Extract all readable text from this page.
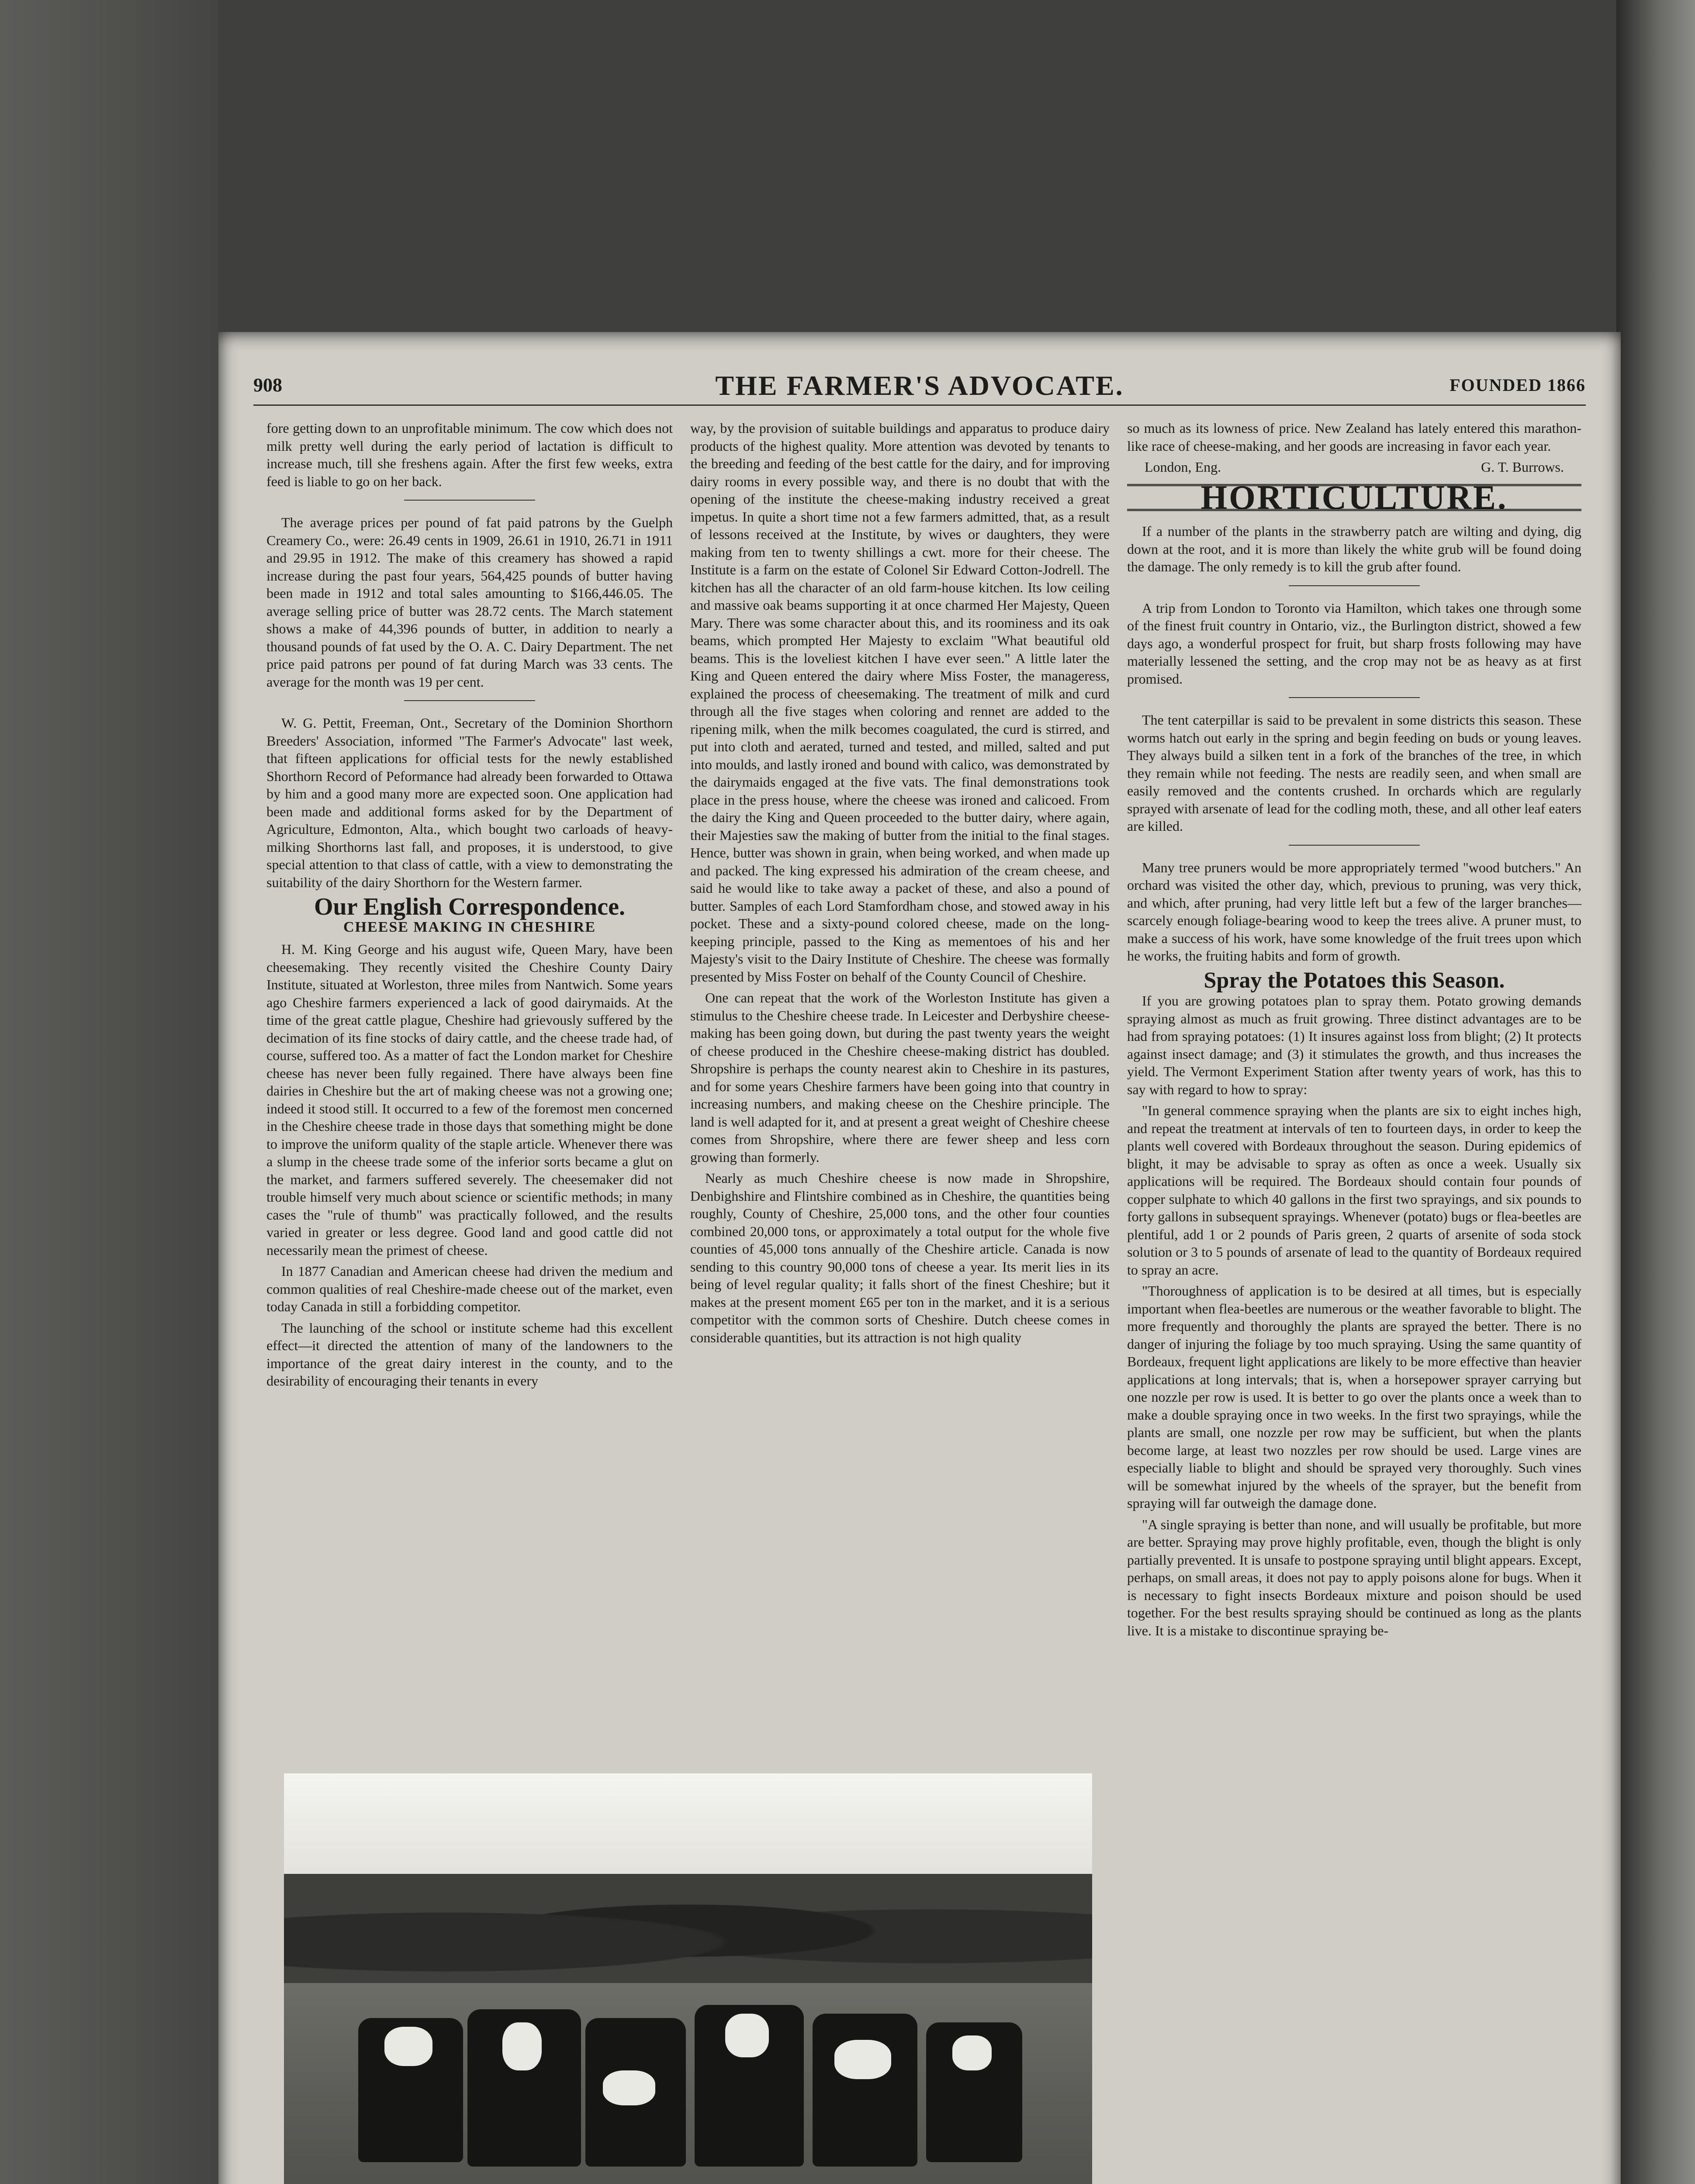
908	THE FARMER'S ADVOCATE.	FOUNDED 1866

fore getting down to an unprofitable minimum. The cow which does not milk pretty well during the early period of lactation is difficult to increase much, till she freshens again. After the first few weeks, extra feed is liable to go on her back.

The average prices per pound of fat paid patrons by the Guelph Creamery Co., were: 26.49 cents in 1909, 26.61 in 1910, 26.71 in 1911 and 29.95 in 1912. The make of this creamery has showed a rapid increase during the past four years, 564,425 pounds of butter having been made in 1912 and total sales amounting to $166,446.05. The average selling price of butter was 28.72 cents. The March statement shows a make of 44,396 pounds of butter, in addition to nearly a thousand pounds of fat used by the O. A. C. Dairy Department. The net price paid patrons per pound of fat during March was 33 cents. The average for the month was 19 per cent.

W. G. Pettit, Freeman, Ont., Secretary of the Dominion Shorthorn Breeders' Association, informed "The Farmer's Advocate" last week, that fifteen applications for official tests for the newly established Shorthorn Record of Peformance had already been forwarded to Ottawa by him and a good many more are expected soon. One application had been made and additional forms asked for by the Department of Agriculture, Edmonton, Alta., which bought two carloads of heavy-milking Shorthorns last fall, and proposes, it is understood, to give special attention to that class of cattle, with a view to demonstrating the suitability of the dairy Shorthorn for the Western farmer.

Our English Correspondence.
CHEESE MAKING IN CHESHIRE

H. M. King George and his august wife, Queen Mary, have been cheesemaking. They recently visited the Cheshire County Dairy Institute, situated at Worleston, three miles from Nantwich. Some years ago Cheshire farmers experienced a lack of good dairymaids. At the time of the great cattle plague, Cheshire had grievously suffered by the decimation of its fine stocks of dairy cattle, and the cheese trade had, of course, suffered too. As a matter of fact the London market for Cheshire cheese has never been fully regained. There have always been fine dairies in Cheshire but the art of making cheese was not a growing one; indeed it stood still. It occurred to a few of the foremost men concerned in the Cheshire cheese trade in those days that something might be done to improve the uniform quality of the staple article. Whenever there was a slump in the cheese trade some of the inferior sorts became a glut on the market, and farmers suffered severely. The cheesemaker did not trouble himself very much about science or scientific methods; in many cases the "rule of thumb" was practically followed, and the results varied in greater or less degree. Good land and good cattle did not necessarily mean the primest of cheese.

In 1877 Canadian and American cheese had driven the medium and common qualities of real Cheshire-made cheese out of the market, even today Canada in still a forbidding competitor.

The launching of the school or institute scheme had this excellent effect—it directed the attention of many of the landowners to the importance of the great dairy interest in the county, and to the desirability of encouraging their tenants in every

way, by the provision of suitable buildings and apparatus to produce dairy products of the highest quality. More attention was devoted by tenants to the breeding and feeding of the best cattle for the dairy, and for improving dairy rooms in every possible way, and there is no doubt that with the opening of the institute the cheese-making industry received a great impetus. In quite a short time not a few farmers admitted, that, as a result of lessons received at the Institute, by wives or daughters, they were making from ten to twenty shillings a cwt. more for their cheese. The Institute is a farm on the estate of Colonel Sir Edward Cotton-Jodrell. The kitchen has all the character of an old farm-house kitchen. Its low ceiling and massive oak beams supporting it at once charmed Her Majesty, Queen Mary. There was some character about this, and its roominess and its oak beams, which prompted Her Majesty to exclaim "What beautiful old beams. This is the loveliest kitchen I have ever seen." A little later the King and Queen entered the dairy where Miss Foster, the manageress, explained the process of cheesemaking. The treatment of milk and curd through all the five stages when coloring and rennet are added to the ripening milk, when the milk becomes coagulated, the curd is stirred, and put into cloth and aerated, turned and tested, and milled, salted and put into moulds, and lastly ironed and bound with calico, was demonstrated by the dairymaids engaged at the five vats. The final demonstrations took place in the press house, where the cheese was ironed and calicoed. From the dairy the King and Queen proceeded to the butter dairy, where again, their Majesties saw the making of butter from the initial to the final stages. Hence, butter was shown in grain, when being worked, and when made up and packed. The king expressed his admiration of the cream cheese, and said he would like to take away a packet of these, and also a pound of butter. Samples of each Lord Stamfordham chose, and stowed away in his pocket. These and a sixty-pound colored cheese, made on the long-keeping principle, passed to the King as mementoes of his and her Majesty's visit to the Dairy Institute of Cheshire. The cheese was formally presented by Miss Foster on behalf of the County Council of Cheshire.

One can repeat that the work of the Worleston Institute has given a stimulus to the Cheshire cheese trade. In Leicester and Derbyshire cheese-making has been going down, but during the past twenty years the weight of cheese produced in the Cheshire cheese-making district has doubled. Shropshire is perhaps the county nearest akin to Cheshire in its pastures, and for some years Cheshire farmers have been going into that country in increasing numbers, and making cheese on the Cheshire principle. The land is well adapted for it, and at present a great weight of Cheshire cheese comes from Shropshire, where there are fewer sheep and less corn growing than formerly.

Nearly as much Cheshire cheese is now made in Shropshire, Denbighshire and Flintshire combined as in Cheshire, the quantities being roughly, County of Cheshire, 25,000 tons, and the other four counties combined 20,000 tons, or approximately a total output for the whole five counties of 45,000 tons annually of the Cheshire article. Canada is now sending to this country 90,000 tons of cheese a year. Its merit lies in its being of level regular quality; it falls short of the finest Cheshire; but it makes at the present moment £65 per ton in the market, and it is a serious competitor with the common sorts of Cheshire. Dutch cheese comes in considerable quantities, but its attraction is not high quality

so much as its lowness of price. New Zealand has lately entered this marathon-like race of cheese-making, and her goods are increasing in favor each year.

London, Eng.	G. T. Burrows.
HORTICULTURE.

If a number of the plants in the strawberry patch are wilting and dying, dig down at the root, and it is more than likely the white grub will be found doing the damage. The only remedy is to kill the grub after found.

A trip from London to Toronto via Hamilton, which takes one through some of the finest fruit country in Ontario, viz., the Burlington district, showed a few days ago, a wonderful prospect for fruit, but sharp frosts following may have materially lessened the setting, and the crop may not be as heavy as at first promised.

The tent caterpillar is said to be prevalent in some districts this season. These worms hatch out early in the spring and begin feeding on buds or young leaves. They always build a silken tent in a fork of the branches of the tree, in which they remain while not feeding. The nests are readily seen, and when small are easily removed and the contents crushed. In orchards which are regularly sprayed with arsenate of lead for the codling moth, these, and all other leaf eaters are killed.

Many tree pruners would be more appropriately termed "wood butchers." An orchard was visited the other day, which, previous to pruning, was very thick, and which, after pruning, had very little left but a few of the larger branches—scarcely enough foliage-bearing wood to keep the trees alive. A pruner must, to make a success of his work, have some knowledge of the fruit trees upon which he works, the fruiting habits and form of growth.

Spray the Potatoes this Season.

If you are growing potatoes plan to spray them. Potato growing demands spraying almost as much as fruit growing. Three distinct advantages are to be had from spraying potatoes: (1) It insures against loss from blight; (2) It protects against insect damage; and (3) it stimulates the growth, and thus increases the yield. The Vermont Experiment Station after twenty years of work, has this to say with regard to how to spray:

"In general commence spraying when the plants are six to eight inches high, and repeat the treatment at intervals of ten to fourteen days, in order to keep the plants well covered with Bordeaux throughout the season. During epidemics of blight, it may be advisable to spray as often as once a week. Usually six applications will be required. The Bordeaux should contain four pounds of copper sulphate to which 40 gallons in the first two sprayings, and six pounds to forty gallons in subsequent sprayings. Whenever (potato) bugs or flea-beetles are plentiful, add 1 or 2 pounds of Paris green, 2 quarts of arsenite of soda stock solution or 3 to 5 pounds of arsenate of lead to the quantity of Bordeaux required to spray an acre.

"Thoroughness of application is to be desired at all times, but is especially important when flea-beetles are numerous or the weather favorable to blight. The more frequently and thoroughly the plants are sprayed the better. There is no danger of injuring the foliage by too much spraying. Using the same quantity of Bordeaux, frequent light applications are likely to be more effective than heavier applications at long intervals; that is, when a horsepower sprayer carrying but one nozzle per row is used. It is better to go over the plants once a week than to make a double spraying once in two weeks. In the first two sprayings, while the plants are small, one nozzle per row may be sufficient, but when the plants become large, at least two nozzles per row should be used. Large vines are especially liable to blight and should be sprayed very thoroughly. Such vines will be somewhat injured by the wheels of the sprayer, but the benefit from spraying will far outweigh the damage done.

"A single spraying is better than none, and will usually be profitable, but more are better. Spraying may prove highly profitable, even, though the blight is only partially prevented. It is unsafe to postpone spraying until blight appears. Except, perhaps, on small areas, it does not pay to apply poisons alone for bugs. When it is necessary to fight insects Bordeaux mixture and poison should be used together. For the best results spraying should be continued as long as the plants live. It is a mistake to discontinue spraying be-
